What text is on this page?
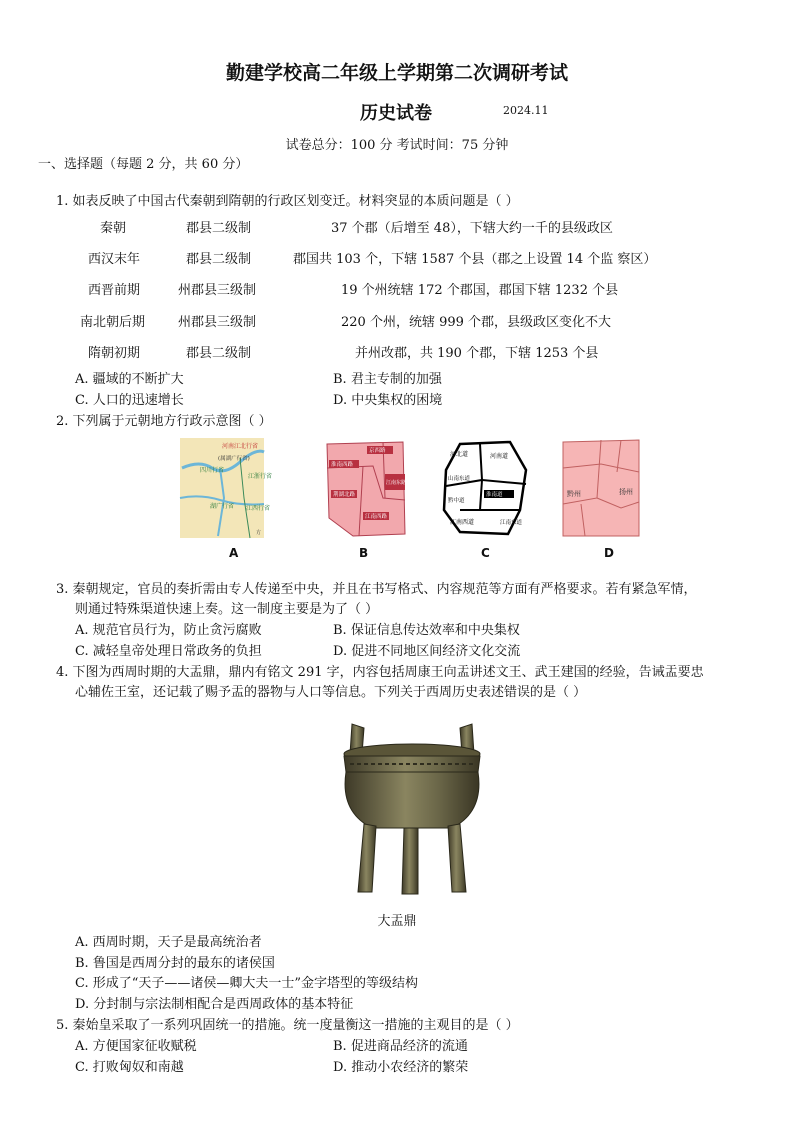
勤建学校高二年级上学期第二次调研考试
历史试卷	2024.11
试卷总分：100 分 考试时间：75 分钟
一、选择题（每题 2 分，共 60 分）
1. 如表反映了中国古代秦朝到隋朝的行政区划变迁。材料突显的本质问题是（ ）
秦朝	郡县二级制	37 个郡（后增至 48），下辖大约一千的县级政区
西汉末年	郡县二级制	郡国共 103 个，下辖 1587 个县（郡之上设置 14 个监 察区）
西晋前期	州郡县三级制	19 个州统辖 172 个郡国，郡国下辖 1232 个县
南北朝后期	州郡县三级制	220 个州，统辖 999 个郡，县级政区变化不大
隋朝初期	郡县二级制	并州改郡，共 190 个郡，下辖 1253 个县
A. 疆域的不断扩大	B. 君主专制的加强
C. 人口的迅速增长	D. 中央集权的困境
2. 下列属于元朝地方行政示意图（ ）
河南江北行省
(属湖广行省)
四川行省
江浙行省
湖广行省 江西行省
方
京西路
淮南西路
荆湖北路
江南东路
江南西路
河北道	河南道
山南东道
淮南道
江南西道	江南东道
黔中道
黔州	扬州
A	B	C	D
3. 秦朝规定，官员的奏折需由专人传递至中央，并且在书写格式、内容规范等方面有严格要求。若有紧急军情，
则通过特殊渠道快速上奏。这一制度主要是为了（ ）
A. 规范官员行为，防止贪污腐败	B. 保证信息传达效率和中央集权
C. 减轻皇帝处理日常政务的负担	D. 促进不同地区间经济文化交流
4. 下图为西周时期的大盂鼎，鼎内有铭文 291 字，内容包括周康王向盂讲述文王、武王建国的经验，告诫盂要忠
心辅佐王室，还记载了赐予盂的器物与人口等信息。下列关于西周历史表述错误的是（ ）
大盂鼎
A. 西周时期，天子是最高统治者
B. 鲁国是西周分封的最东的诸侯国
C. 形成了“天子——诸侯—卿大夫一士”金字塔型的等级结构
D. 分封制与宗法制相配合是西周政体的基本特征
5. 秦始皇采取了一系列巩固统一的措施。统一度量衡这一措施的主观目的是（ ）
A. 方便国家征收赋税	B. 促进商品经济的流通
C. 打败匈奴和南越	D. 推动小农经济的繁荣
